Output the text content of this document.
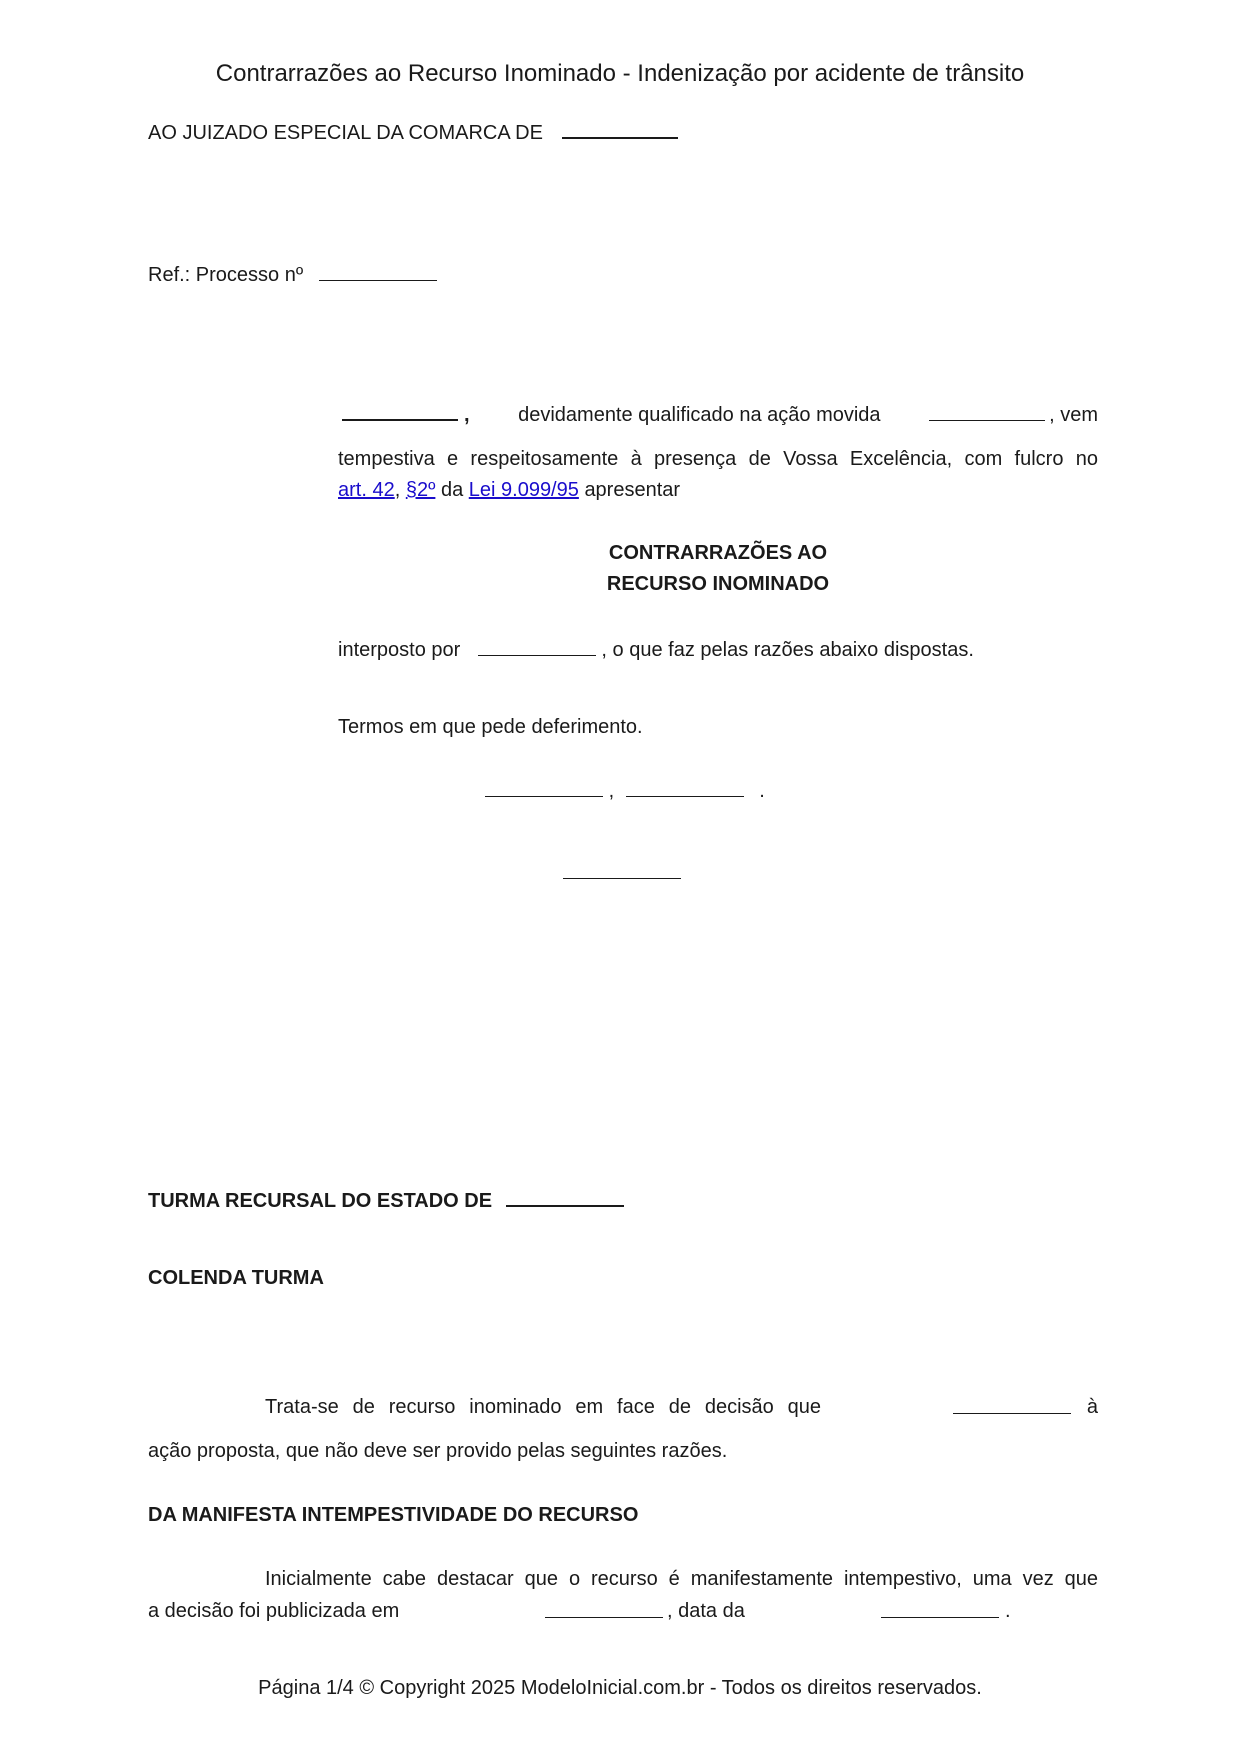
Contrarrazões ao Recurso Inominado - Indenização por acidente de trânsito
AO JUIZADO ESPECIAL DA COMARCA DE
Ref.: Processo nº
, devidamente qualificado na ação movida	, vem
tempestiva e respeitosamente à presença de Vossa Excelência, com fulcro no
art. 42, §2º da Lei 9.099/95 apresentar
CONTRARRAZÕES AO
RECURSO INOMINADO
interposto por	, o que faz pelas razões abaixo dispostas.
Termos em que pede deferimento.
,	.
TURMA RECURSAL DO ESTADO DE
COLENDA TURMA
Trata-se de recurso inominado em face de decisão que	à
ação proposta, que não deve ser provido pelas seguintes razões.
DA MANIFESTA INTEMPESTIVIDADE DO RECURSO
Inicialmente cabe destacar que o recurso é manifestamente intempestivo, uma vez que
a decisão foi publicizada em	, data da	.
Página 1/4 © Copyright 2025 ModeloInicial.com.br - Todos os direitos reservados.
